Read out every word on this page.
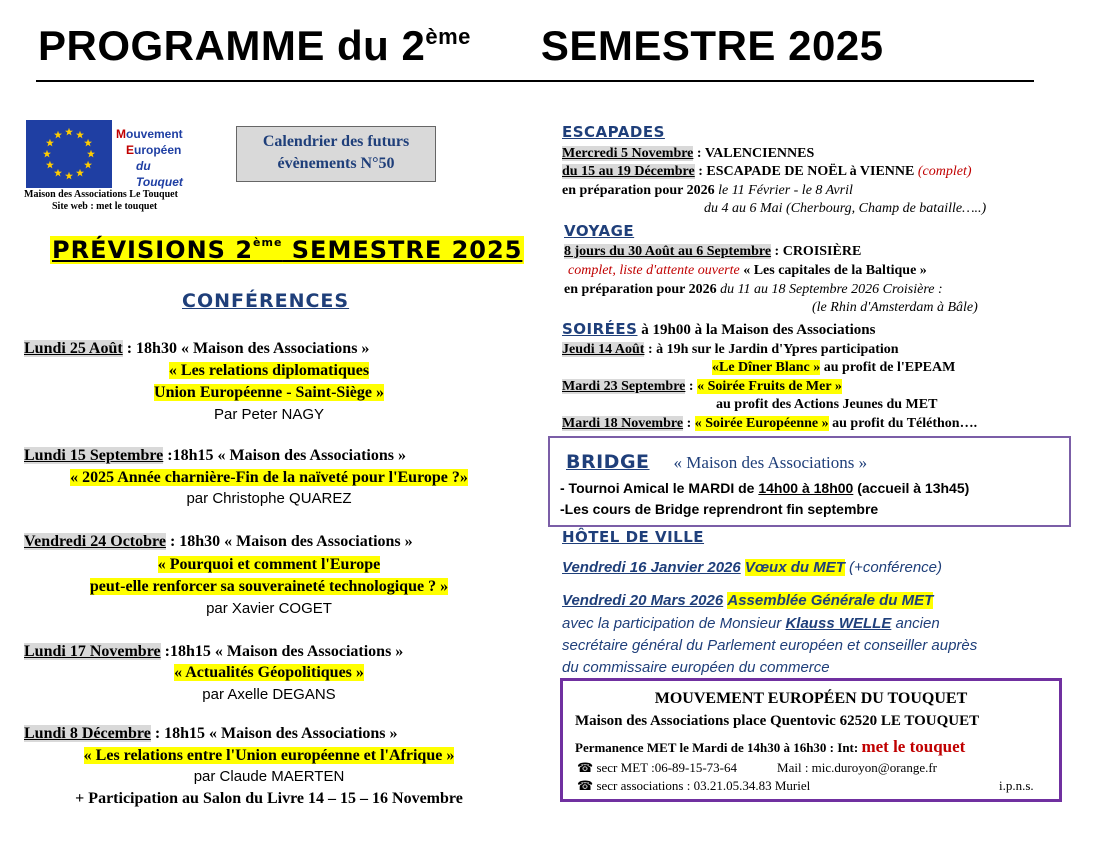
PROGRAMME du 2ème SEMESTRE 2025
Mouvement
Européen
du Touquet
Maison des Associations Le Touquet
Site web : met le touquet
Calendrier des futurs
évènements N°50
PRÉVISIONS 2ème SEMESTRE 2025
CONFÉRENCES
Lundi 25 Août : 18h30 « Maison des Associations »
« Les relations diplomatiques
Union Européenne - Saint-Siège »
Par Peter NAGY
Lundi 15 Septembre :18h15 « Maison des Associations »
« 2025 Année charnière-Fin de la naïveté pour l'Europe ?»
par Christophe QUAREZ
Vendredi 24 Octobre : 18h30 « Maison des Associations »
« Pourquoi et comment l'Europe
peut-elle renforcer sa souveraineté technologique ? »
par Xavier COGET
Lundi 17 Novembre :18h15 « Maison des Associations »
« Actualités Géopolitiques »
par Axelle DEGANS
Lundi 8 Décembre : 18h15 « Maison des Associations »
« Les relations entre l'Union européenne et l'Afrique »
par Claude MAERTEN
+ Participation au Salon du Livre 14 – 15 – 16 Novembre
ESCAPADES
Mercredi 5 Novembre : VALENCIENNES
du 15 au 19 Décembre : ESCAPADE DE NOËL à VIENNE (complet)
en préparation pour 2026 le 11 Février - le 8 Avril
du 4 au 6 Mai (Cherbourg, Champ de bataille…..)
VOYAGE
8 jours du 30 Août au 6 Septembre : CROISIÈRE
complet, liste d'attente ouverte « Les capitales de la Baltique »
en préparation pour 2026 du 11 au 18 Septembre 2026 Croisière :
(le Rhin d'Amsterdam à Bâle)
SOIRÉES à 19h00 à la Maison des Associations
Jeudi 14 Août : à 19h sur le Jardin d'Ypres participation
«Le Dîner Blanc » au profit de l'EPEAM
Mardi 23 Septembre : « Soirée Fruits de Mer »
au profit des Actions Jeunes du MET
Mardi 18 Novembre : « Soirée Européenne » au profit du Téléthon….
BRIDGE « Maison des Associations »
- Tournoi Amical le MARDI de 14h00 à 18h00 (accueil à 13h45)
-Les cours de Bridge reprendront fin septembre
HÔTEL DE VILLE
Vendredi 16 Janvier 2026 Vœux du MET (+conférence)
Vendredi 20 Mars 2026 Assemblée Générale du MET
avec la participation de Monsieur Klauss WELLE ancien
secrétaire général du Parlement européen et conseiller auprès
du commissaire européen du commerce
MOUVEMENT EUROPÉEN DU TOUQUET
Maison des Associations place Quentovic 62520 LE TOUQUET
Permanence MET le Mardi de 14h30 à 16h30 : Int: met le touquet
☎ secr MET :06-89-15-73-64	Mail : mic.duroyon@orange.fr
☎ secr associations : 03.21.05.34.83 Muriel	i.p.n.s.
